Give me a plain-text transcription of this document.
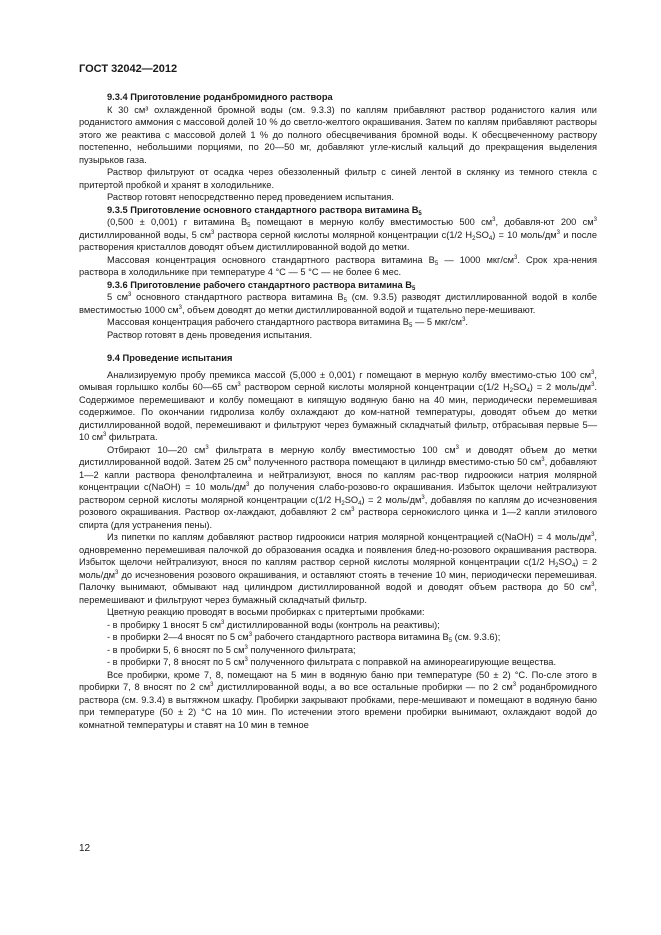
ГОСТ 32042—2012
9.3.4 Приготовление роданбромидного раствора

К 30 см³ охлажденной бромной воды (см. 9.3.3) по каплям прибавляют раствор роданистого калия или роданистого аммония с массовой долей 10 % до светло-желтого окрашивания. Затем по каплям прибавляют растворы этого же реактива с массовой долей 1 % до полного обесцвечивания бромной воды. К обесцвеченному раствору постепенно, небольшими порциями, по 20—50 мг, добавляют угле-кислый кальций до прекращения выделения пузырьков газа.

Раствор фильтруют от осадка через обеззоленный фильтр с синей лентой в склянку из темного стекла с притертой пробкой и хранят в холодильнике.

Раствор готовят непосредственно перед проведением испытания.

9.3.5 Приготовление основного стандартного раствора витамина $В_5$

(0,500 ± 0,001) г витамина $В_5$ помещают в мерную колбу вместимостью 500 $см^3$, добавля-ют 200 $см^3$ дистиллированной воды, 5 $см^3$ раствора серной кислоты молярной концентрации c(1/2 $H_2SO_4) = 10$ моль/$дм^3$ и после растворения кристаллов доводят объем дистиллированной водой до метки.

Массовая концентрация основного стандартного раствора витамина $В_5$ — 1000 мкг/$см^3$. Срок хра-нения раствора в холодильнике при температуре 4 °С — 5 °С — не более 6 мес.

9.3.6 Приготовление рабочего стандартного раствора витамина $В_5$

5 $см^3$ основного стандартного раствора витамина $В_5$ (см. 9.3.5) разводят дистиллированной водой в колбе вместимостью 1000 $см^3$, объем доводят до метки дистиллированной водой и тщательно пере-мешивают.

Массовая концентрация рабочего стандартного раствора витамина $В_5$ — 5 мкг/$см^3$.

Раствор готовят в день проведения испытания.

9.4 Проведение испытания

Анализируемую пробу премикса массой (5,000 ± 0,001) г помещают в мерную колбу вместимо-стью 100 $см^3$, омывая горлышко колбы 60—65 $см^3$ раствором серной кислоты молярной концентрации c(1/2 $H_2SO_4) = 2$ моль/$дм^3$. Содержимое перемешивают и колбу помещают в кипящую водяную баню на 40 мин, периодически перемешивая содержимое. По окончании гидролиза колбу охлаждают до ком-натной температуры, доводят объем до метки дистиллированной водой, перемешивают и фильтруют через бумажный складчатый фильтр, отбрасывая первые 5—10 $см^3$ фильтрата.

Отбирают 10—20 $см^3$ фильтрата в мерную колбу вместимостью 100 $см^3$ и доводят объем до метки дистиллированной водой. Затем 25 $см^3$ полученного раствора помещают в цилиндр вместимо-стью 50 $см^3$, добавляют 1—2 капли раствора фенолфталеина и нейтрализуют, внося по каплям рас-твор гидроокиси натрия молярной концентрации c(NaOH) = 10 моль/$дм^3$ до получения слабо-розово-го окрашивания. Избыток щелочи нейтрализуют раствором серной кислоты молярной концентрации c(1/2 $H_2SO_4) = 2$ моль/$дм^3$, добавляя по каплям до исчезновения розового окрашивания. Раствор ох-лаждают, добавляют 2 $см^3$ раствора сернокислого цинка и 1—2 капли этилового спирта (для устранения пены).

Из пипетки по каплям добавляют раствор гидроокиси натрия молярной концентрацией c(NaOH) = 4 моль/$дм^3$, одновременно перемешивая палочкой до образования осадка и появления блед-но-розового окрашивания раствора. Избыток щелочи нейтрализуют, внося по каплям раствор серной кислоты молярной концентрации c(1/2 $H_2SO_4) = 2$ моль/$дм^3$ до исчезновения розового окрашивания, и оставляют стоять в течение 10 мин, периодически перемешивая. Палочку вынимают, обмывают над цилиндром дистиллированной водой и доводят объем раствора до 50 $см^3$, перемешивают и фильтруют через бумажный складчатый фильтр.

Цветную реакцию проводят в восьми пробирках с притертыми пробками:

- в пробирку 1 вносят 5 $см^3$ дистиллированной воды (контроль на реактивы);

- в пробирки 2—4 вносят по 5 $см^3$ рабочего стандартного раствора витамина $В_5$ (см. 9.3.6);

- в пробирки 5, 6 вносят по 5 $см^3$ полученного фильтрата;

- в пробирки 7, 8 вносят по 5 $см^3$ полученного фильтрата с поправкой на аминореагирующие вещества.

Все пробирки, кроме 7, 8, помещают на 5 мин в водяную баню при температуре (50 ± 2) °С. По-сле этого в пробирки 7, 8 вносят по 2 $см^3$ дистиллированной воды, а во все остальные пробирки — по 2 $см^3$ роданбромидного раствора (см. 9.3.4) в вытяжном шкафу. Пробирки закрывают пробками, пере-мешивают и помещают в водяную баню при температуре (50 ± 2) °С на 10 мин. По истечении этого времени пробирки вынимают, охлаждают водой до комнатной температуры и ставят на 10 мин в темное

12
